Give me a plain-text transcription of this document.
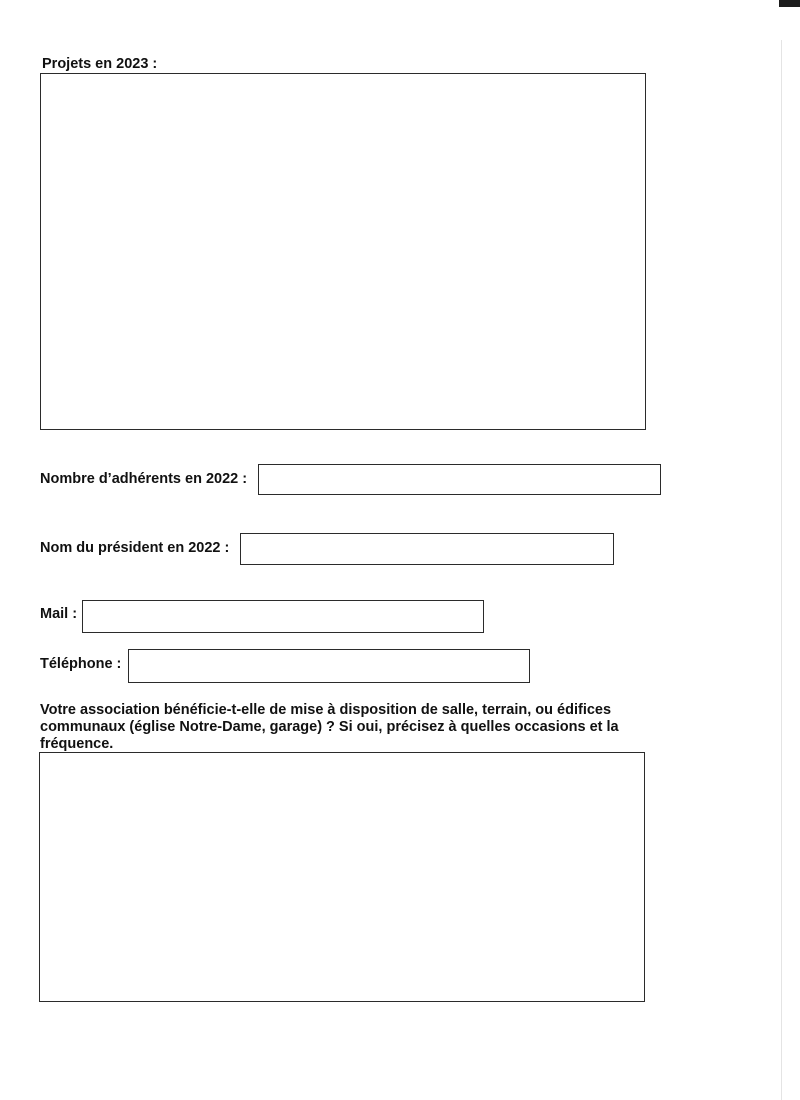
Projets en 2023 :
Nombre d’adhérents en 2022 :
Nom du président en 2022 :
Mail :
Téléphone :
Votre association bénéficie-t-elle de mise à disposition de salle, terrain, ou édifices communaux (église Notre-Dame, garage) ? Si oui, précisez à quelles occasions et la fréquence.
